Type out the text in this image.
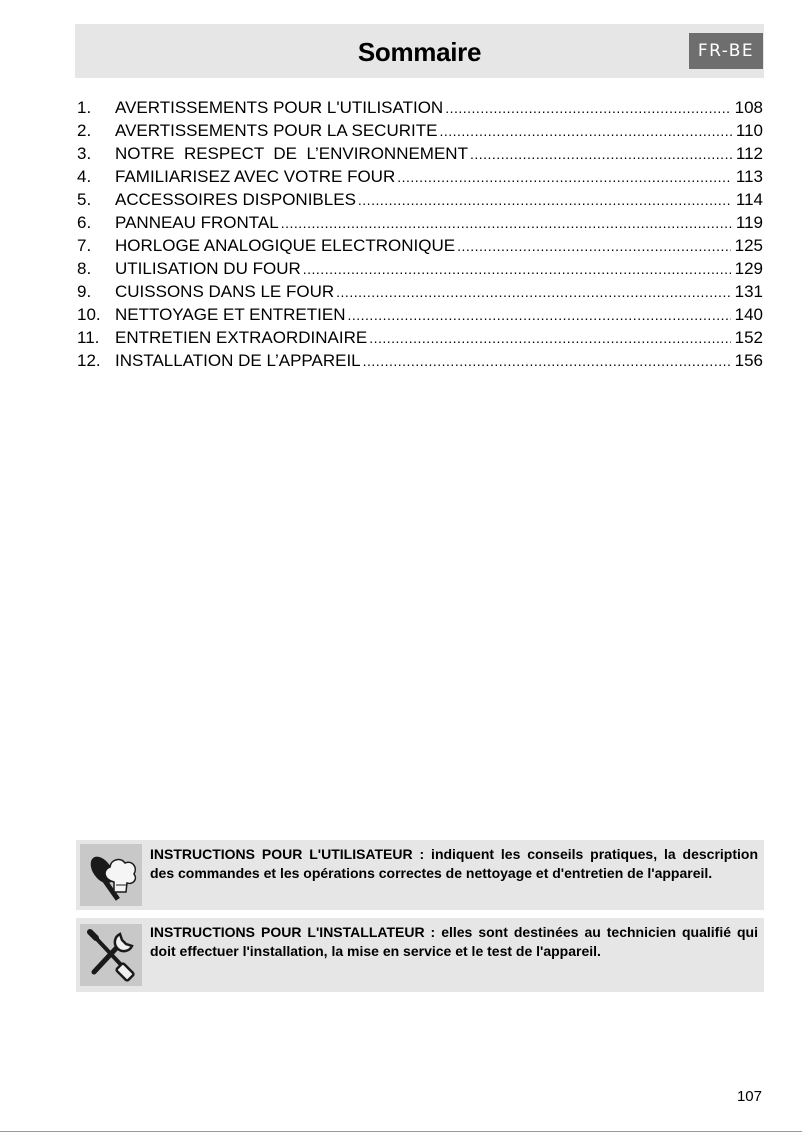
Sommaire	FR-BE
1.	AVERTISSEMENTS POUR L'UTILISATION .....	108
2.	AVERTISSEMENTS POUR LA SECURITE .....	110
3.	NOTRE  RESPECT  DE  L’ENVIRONNEMENT .....	112
4.	FAMILIARISEZ AVEC VOTRE FOUR .....	113
5.	ACCESSOIRES DISPONIBLES .....	114
6.	PANNEAU FRONTAL .....	119
7.	HORLOGE ANALOGIQUE ELECTRONIQUE .....	125
8.	UTILISATION DU FOUR .....	129
9.	CUISSONS DANS LE FOUR .....	131
10. NETTOYAGE ET ENTRETIEN .....	140
11. ENTRETIEN EXTRAORDINAIRE .....	152
12. INSTALLATION DE L’APPAREIL .....	156
INSTRUCTIONS POUR L'UTILISATEUR : indiquent les conseils pratiques, la description des commandes et les opérations correctes de nettoyage et d'entretien de l'appareil.
INSTRUCTIONS POUR L'INSTALLATEUR : elles sont destinées au technicien qualifié qui doit effectuer l'installation, la mise en service et le test de l'appareil.
107
